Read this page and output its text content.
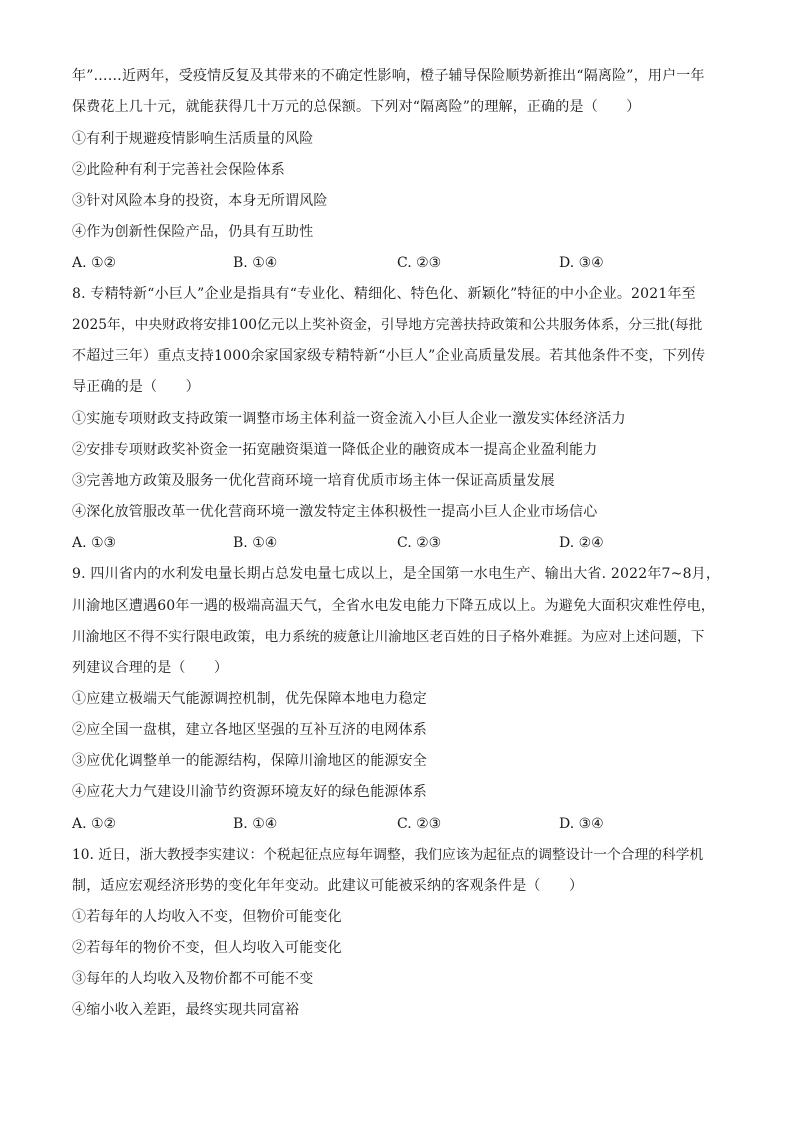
年”……近两年，受疫情反复及其带来的不确定性影响，橙子辅导保险顺势新推出“隔离险”，用户一年
保费花上几十元，就能获得几十万元的总保额。下列对“隔离险”的理解，正确的是（　　）
①有利于规避疫情影响生活质量的风险
②此险种有利于完善社会保险体系
③针对风险本身的投资，本身无所谓风险
④作为创新性保险产品，仍具有互助性
A. ①②	B. ①④	C. ②③	D. ③④
8. 专精特新“小巨人”企业是指具有“专业化、精细化、特色化、新颖化”特征的中小企业。2021年至
2025年，中央财政将安排100亿元以上奖补资金，引导地方完善扶持政策和公共服务体系，分三批(每批
不超过三年）重点支持1000余家国家级专精特新“小巨人”企业高质量发展。若其他条件不变，下列传
导正确的是（　　）
①实施专项财政支持政策一调整市场主体利益一资金流入小巨人企业一激发实体经济活力
②安排专项财政奖补资金一拓宽融资渠道一降低企业的融资成本一提高企业盈利能力
③完善地方政策及服务一优化营商环境一培育优质市场主体一保证高质量发展
④深化放管服改革一优化营商环境一激发特定主体积极性一提高小巨人企业市场信心
A. ①③	B. ①④	C. ②③	D. ②④
9. 四川省内的水利发电量长期占总发电量七成以上，是全国第一水电生产、输出大省. 2022年7~8月，
川渝地区遭遇60年一遇的极端高温天气，全省水电发电能力下降五成以上。为避免大面积灾难性停电，
川渝地区不得不实行限电政策，电力系统的疲惫让川渝地区老百姓的日子格外难捱。为应对上述问题，下
列建议合理的是（　　）
①应建立极端天气能源调控机制，优先保障本地电力稳定
②应全国一盘棋，建立各地区坚强的互补互济的电网体系
③应优化调整单一的能源结构，保障川渝地区的能源安全
④应花大力气建设川渝节约资源环境友好的绿色能源体系
A. ①②	B. ①④	C. ②③	D. ③④
10. 近日，浙大教授李实建议：个税起征点应每年调整，我们应该为起征点的调整设计一个合理的科学机
制，适应宏观经济形势的变化年年变动。此建议可能被采纳的客观条件是（　　）
①若每年的人均收入不变，但物价可能变化
②若每年的物价不变，但人均收入可能变化
③每年的人均收入及物价都不可能不变
④缩小收入差距，最终实现共同富裕
